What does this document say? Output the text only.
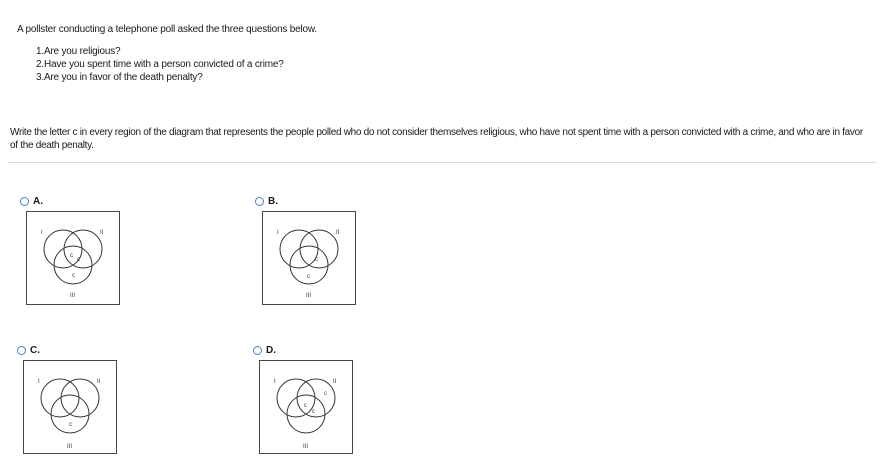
A pollster conducting a telephone poll asked the three questions below.
1.Are you religious?
2.Have you spent time with a person convicted of a crime?
3.Are you in favor of the death penalty?
Write the letter c in every region of the diagram that represents the people polled who do not consider themselves religious, who have not spent time with a person convicted with a crime, and who are in favor of the death penalty.
A.
I	II
III
c
c
c
B.
I	II
III
c
c
C.
I	II
III
c
D.
I	II
III
c
c
c
